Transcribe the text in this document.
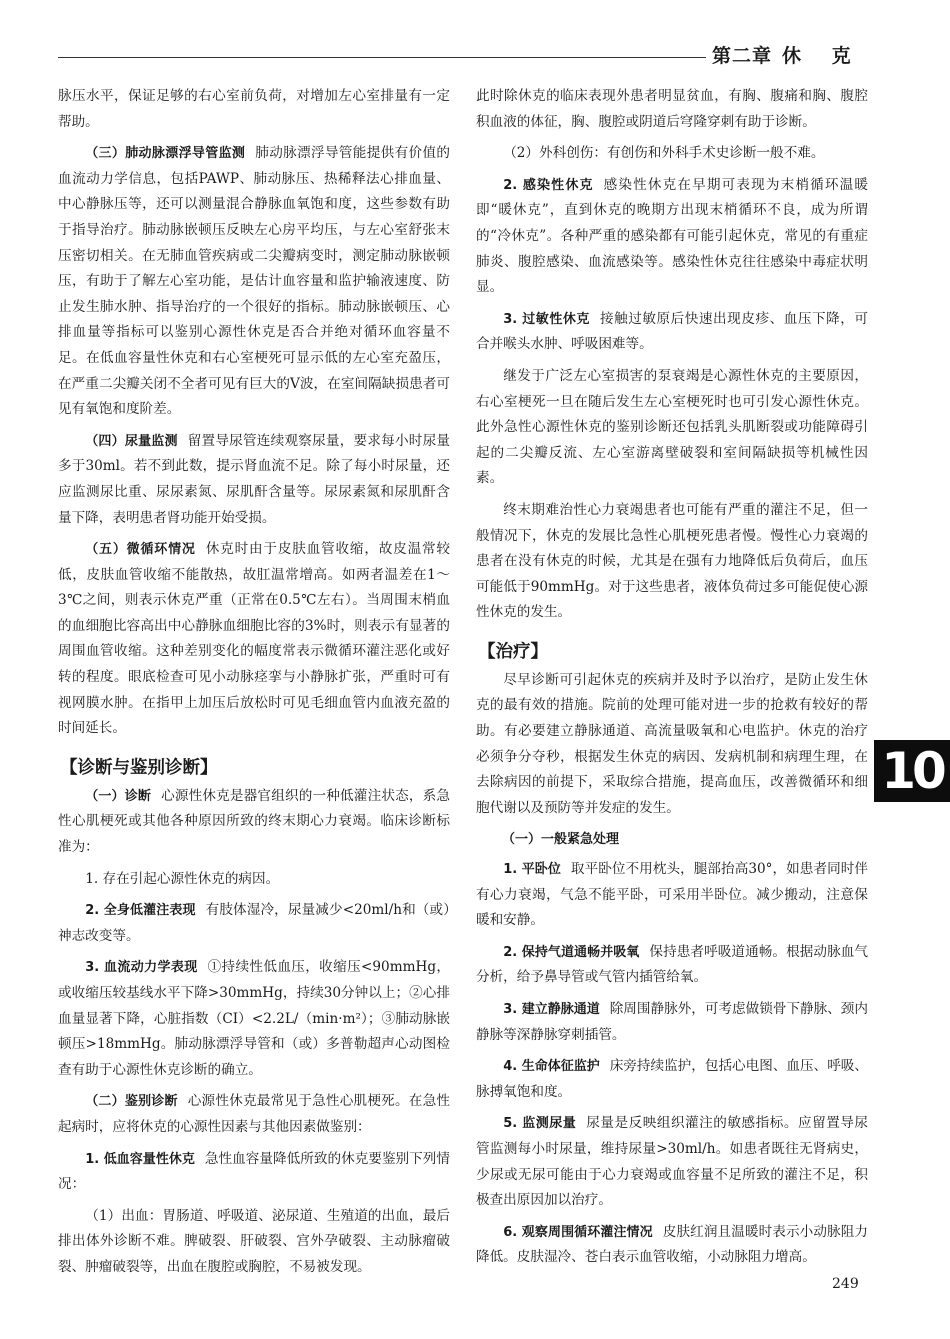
第二章 休 克

脉压水平，保证足够的右心室前负荷，对增加左心室排量有一定帮助。

（三）肺动脉漂浮导管监测 肺动脉漂浮导管能提供有价值的血流动力学信息，包括PAWP、肺动脉压、热稀释法心排血量、中心静脉压等，还可以测量混合静脉血氧饱和度，这些参数有助于指导治疗。肺动脉嵌顿压反映左心房平均压，与左心室舒张末压密切相关。在无肺血管疾病或二尖瓣病变时，测定肺动脉嵌顿压，有助于了解左心室功能，是估计血容量和监护输液速度、防止发生肺水肿、指导治疗的一个很好的指标。肺动脉嵌顿压、心排血量等指标可以鉴别心源性休克是否合并绝对循环血容量不足。在低血容量性休克和右心室梗死可显示低的左心室充盈压，在严重二尖瓣关闭不全者可见有巨大的V波，在室间隔缺损患者可见有氧饱和度阶差。

（四）尿量监测 留置导尿管连续观察尿量，要求每小时尿量多于30ml。若不到此数，提示肾血流不足。除了每小时尿量，还应监测尿比重、尿尿素氮、尿肌酐含量等。尿尿素氮和尿肌酐含量下降，表明患者肾功能开始受损。

（五）微循环情况 休克时由于皮肤血管收缩，故皮温常较低，皮肤血管收缩不能散热，故肛温常增高。如两者温差在1～3℃之间，则表示休克严重（正常在0.5℃左右）。当周围末梢血的血细胞比容高出中心静脉血细胞比容的3%时，则表示有显著的周围血管收缩。这种差别变化的幅度常表示微循环灌注恶化或好转的程度。眼底检查可见小动脉痉挛与小静脉扩张，严重时可有视网膜水肿。在指甲上加压后放松时可见毛细血管内血液充盈的时间延长。

【诊断与鉴别诊断】

（一）诊断 心源性休克是器官组织的一种低灌注状态，系急性心肌梗死或其他各种原因所致的终末期心力衰竭。临床诊断标准为：

1. 存在引起心源性休克的病因。

2. 全身低灌注表现 有肢体湿冷，尿量减少<20ml/h和（或）神志改变等。

3. 血流动力学表现 ①持续性低血压，收缩压<90mmHg，或收缩压较基线水平下降>30mmHg，持续30分钟以上；②心排血量显著下降，心脏指数（CI）<2.2L/（min·m²）；③肺动脉嵌顿压>18mmHg。肺动脉漂浮导管和（或）多普勒超声心动图检查有助于心源性休克诊断的确立。

（二）鉴别诊断 心源性休克最常见于急性心肌梗死。在急性起病时，应将休克的心源性因素与其他因素做鉴别：

1. 低血容量性休克 急性血容量降低所致的休克要鉴别下列情况：

（1）出血：胃肠道、呼吸道、泌尿道、生殖道的出血，最后排出体外诊断不难。脾破裂、肝破裂、宫外孕破裂、主动脉瘤破裂、肿瘤破裂等，出血在腹腔或胸腔，不易被发现。

此时除休克的临床表现外患者明显贫血，有胸、腹痛和胸、腹腔积血液的体征，胸、腹腔或阴道后穹隆穿刺有助于诊断。

（2）外科创伤：有创伤和外科手术史诊断一般不难。

2. 感染性休克 感染性休克在早期可表现为末梢循环温暖即“暖休克”，直到休克的晚期方出现末梢循环不良，成为所谓的“冷休克”。各种严重的感染都有可能引起休克，常见的有重症肺炎、腹腔感染、血流感染等。感染性休克往往感染中毒症状明显。

3. 过敏性休克 接触过敏原后快速出现皮疹、血压下降，可合并喉头水肿、呼吸困难等。

继发于广泛左心室损害的泵衰竭是心源性休克的主要原因，右心室梗死一旦在随后发生左心室梗死时也可引发心源性休克。此外急性心源性休克的鉴别诊断还包括乳头肌断裂或功能障碍引起的二尖瓣反流、左心室游离壁破裂和室间隔缺损等机械性因素。

终末期难治性心力衰竭患者也可能有严重的灌注不足，但一般情况下，休克的发展比急性心肌梗死患者慢。慢性心力衰竭的患者在没有休克的时候，尤其是在强有力地降低后负荷后，血压可能低于90mmHg。对于这些患者，液体负荷过多可能促使心源性休克的发生。

【治疗】

尽早诊断可引起休克的疾病并及时予以治疗，是防止发生休克的最有效的措施。院前的处理可能对进一步的抢救有较好的帮助。有必要建立静脉通道、高流量吸氧和心电监护。休克的治疗必须争分夺秒，根据发生休克的病因、发病机制和病理生理，在去除病因的前提下，采取综合措施，提高血压，改善微循环和细胞代谢以及预防等并发症的发生。

（一）一般紧急处理

1. 平卧位 取平卧位不用枕头，腿部抬高30°，如患者同时伴有心力衰竭，气急不能平卧，可采用半卧位。减少搬动，注意保暖和安静。

2. 保持气道通畅并吸氧 保持患者呼吸道通畅。根据动脉血气分析，给予鼻导管或气管内插管给氧。

3. 建立静脉通道 除周围静脉外，可考虑做锁骨下静脉、颈内静脉等深静脉穿刺插管。

4. 生命体征监护 床旁持续监护，包括心电图、血压、呼吸、脉搏氧饱和度。

5. 监测尿量 尿量是反映组织灌注的敏感指标。应留置导尿管监测每小时尿量，维持尿量>30ml/h。如患者既往无肾病史，少尿或无尿可能由于心力衰竭或血容量不足所致的灌注不足，积极查出原因加以治疗。

6. 观察周围循环灌注情况 皮肤红润且温暖时表示小动脉阻力降低。皮肤湿冷、苍白表示血管收缩，小动脉阻力增高。

10
249
